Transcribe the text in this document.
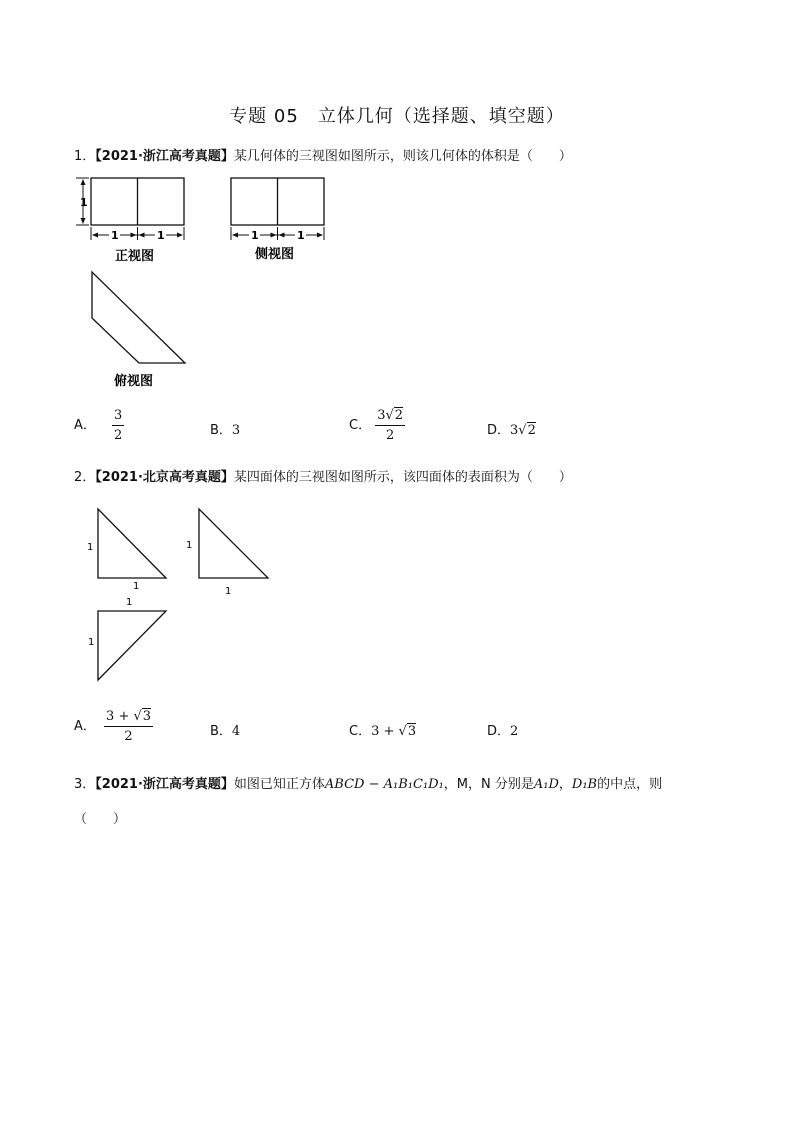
专题 05　立体几何（选择题、填空题）
1．【2021·浙江高考真题】某几何体的三视图如图所示，则该几何体的体积是（　　）
1
1	1
正视图
1	1
侧视图
俯视图
A． $\frac{3}{2}$	B．3	C． $\frac{3√2}{2}$	D．3√2
2．【2021·北京高考真题】某四面体的三视图如图所示，该四面体的表面积为（　　）
1
1
1
1
1
1
A． $\frac{3 + √3}{2}$	B．4	C．3 + √3	D．2
3．【2021·浙江高考真题】如图已知正方体ABCD − A₁B₁C₁D₁，M，N 分别是A₁D，D₁B的中点，则
（　　）
